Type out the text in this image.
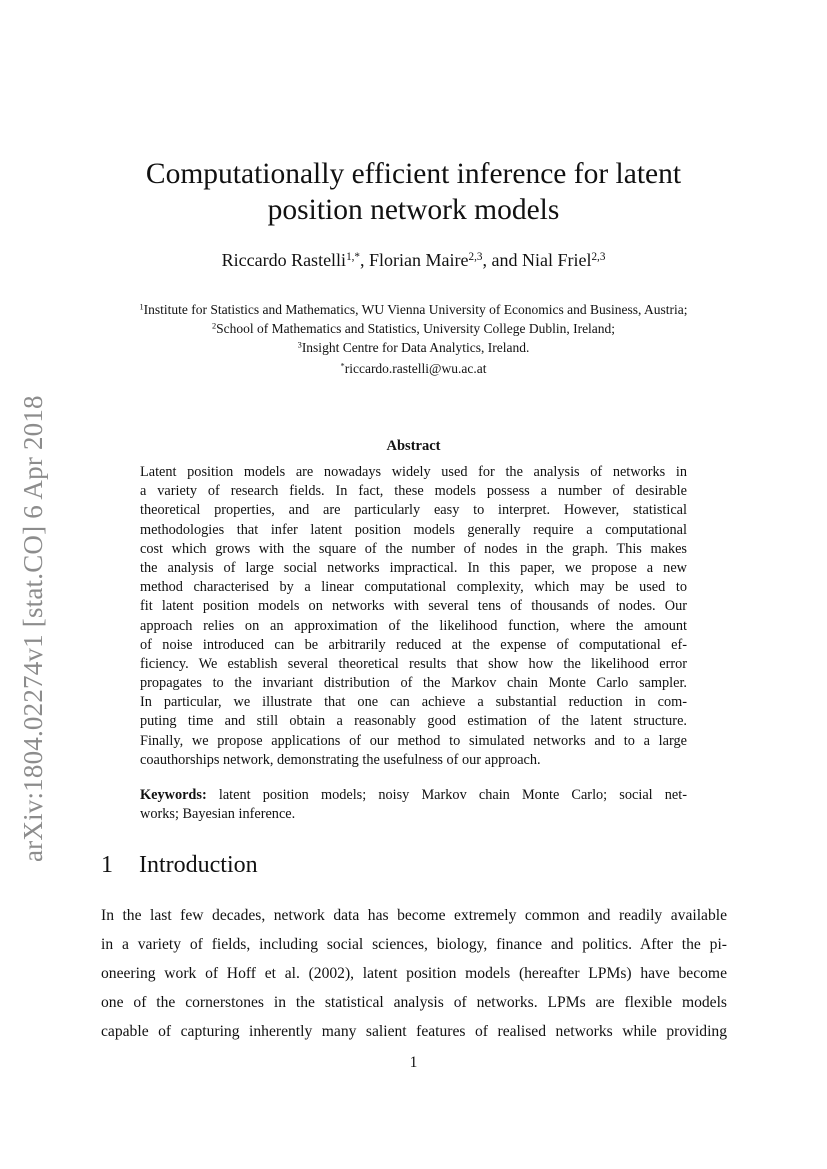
arXiv:1804.02274v1 [stat.CO] 6 Apr 2018
Computationally efficient inference for latent
position network models
Riccardo Rastelli$^{1,*}$, Florian Maire$^{2,3}$, and Nial Friel$^{2,3}$
$^1$Institute for Statistics and Mathematics, WU Vienna University of Economics and Business, Austria;
$^2$School of Mathematics and Statistics, University College Dublin, Ireland;
$^3$Insight Centre for Data Analytics, Ireland.
*riccardo.rastelli@wu.ac.at
Abstract
Latent position models are nowadays widely used for the analysis of networks in
a variety of research fields. In fact, these models possess a number of desirable
theoretical properties, and are particularly easy to interpret. However, statistical
methodologies that infer latent position models generally require a computational
cost which grows with the square of the number of nodes in the graph. This makes
the analysis of large social networks impractical. In this paper, we propose a new
method characterised by a linear computational complexity, which may be used to
fit latent position models on networks with several tens of thousands of nodes. Our
approach relies on an approximation of the likelihood function, where the amount
of noise introduced can be arbitrarily reduced at the expense of computational ef-
ficiency. We establish several theoretical results that show how the likelihood error
propagates to the invariant distribution of the Markov chain Monte Carlo sampler.
In particular, we illustrate that one can achieve a substantial reduction in com-
puting time and still obtain a reasonably good estimation of the latent structure.
Finally, we propose applications of our method to simulated networks and to a large
coauthorships network, demonstrating the usefulness of our approach.
Keywords: latent position models; noisy Markov chain Monte Carlo; social net-
works; Bayesian inference.
1 Introduction
In the last few decades, network data has become extremely common and readily available
in a variety of fields, including social sciences, biology, finance and politics. After the pi-
oneering work of Hoff et al. (2002), latent position models (hereafter LPMs) have become
one of the cornerstones in the statistical analysis of networks. LPMs are flexible models
capable of capturing inherently many salient features of realised networks while providing
1
